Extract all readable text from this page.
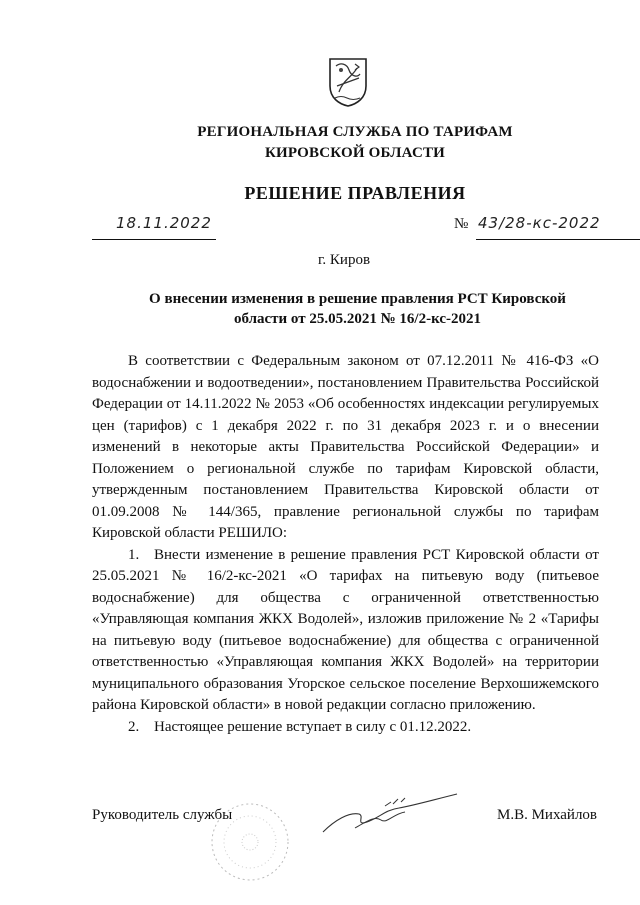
РЕГИОНАЛЬНАЯ СЛУЖБА ПО ТАРИФАМ
КИРОВСКОЙ ОБЛАСТИ
РЕШЕНИЕ ПРАВЛЕНИЯ
18.11.2022	№ 43/28-кс-2022
г. Киров
О внесении изменения в решение правления РСТ Кировской
области от 25.05.2021 № 16/2-кс-2021

В соответствии с Федеральным законом от 07.12.2011 № 416-ФЗ «О водоснабжении и водоотведении», постановлением Правительства Российской Федерации от 14.11.2022 № 2053 «Об особенностях индексации регулируемых цен (тарифов) с 1 декабря 2022 г. по 31 декабря 2023 г. и о внесении изменений в некоторые акты Правительства Российской Федерации» и Положением о региональной службе по тарифам Кировской области, утвержденным постановлением Правительства Кировской области от 01.09.2008 № 144/365, правление региональной службы по тарифам Кировской области РЕШИЛО:

1. Внести изменение в решение правления РСТ Кировской области от 25.05.2021 № 16/2-кс-2021 «О тарифах на питьевую воду (питьевое водоснабжение) для общества с ограниченной ответственностью «Управляющая компания ЖКХ Водолей», изложив приложение № 2 «Тарифы на питьевую воду (питьевое водоснабжение) для общества с ограниченной ответственностью «Управляющая компания ЖКХ Водолей» на территории муниципального образования Угорское сельское поселение Верхошижемского района Кировской области» в новой редакции согласно приложению.

2. Настоящее решение вступает в силу с 01.12.2022.

Руководитель службы	М.В. Михайлов
